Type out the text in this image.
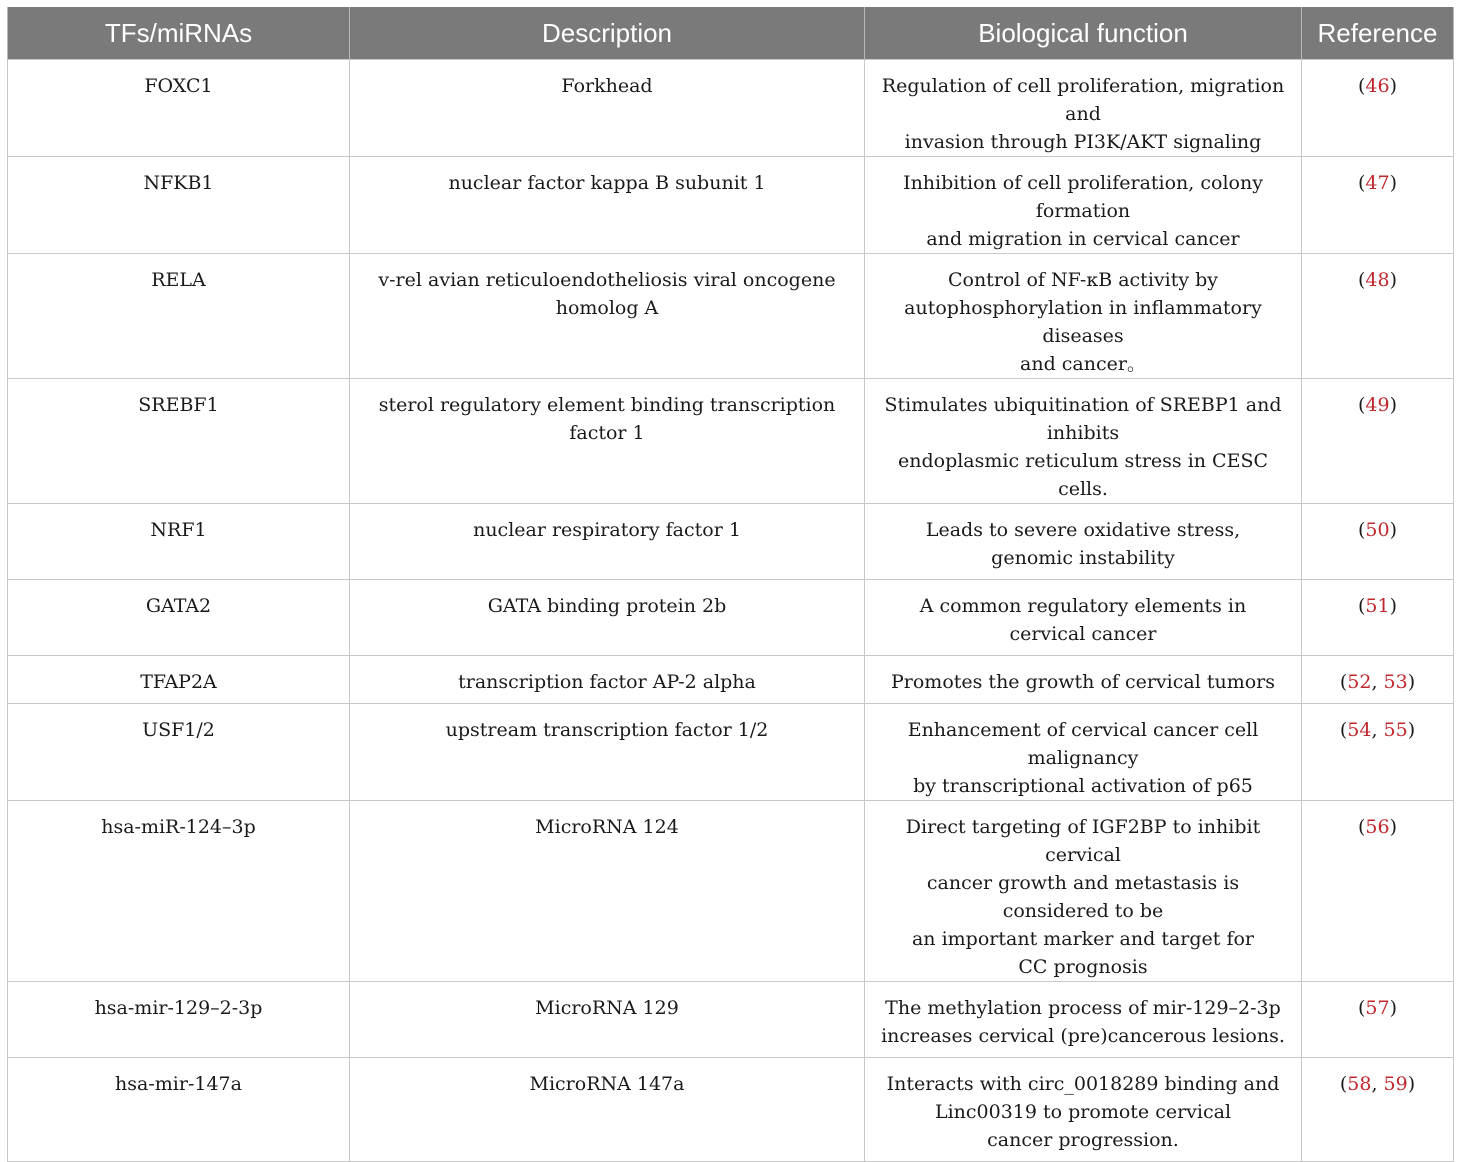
TFs/miRNAs	Description	Biological function	Reference
FOXC1	Forkhead	Regulation of cell proliferation, migration and
invasion through PI3K/AKT signaling	(46)
NFKB1	nuclear factor kappa B subunit 1	Inhibition of cell proliferation, colony formation
and migration in cervical cancer	(47)
RELA	v-rel avian reticuloendotheliosis viral oncogene homolog A	Control of NF-κB activity by
autophosphorylation in inflammatory diseases
and cancer。	(48)
SREBF1	sterol regulatory element binding transcription factor 1	Stimulates ubiquitination of SREBP1 and inhibits
endoplasmic reticulum stress in CESC cells.	(49)
NRF1	nuclear respiratory factor 1	Leads to severe oxidative stress,
genomic instability	(50)
GATA2	GATA binding protein 2b	A common regulatory elements in
cervical cancer	(51)
TFAP2A	transcription factor AP-2 alpha	Promotes the growth of cervical tumors	(52, 53)
USF1/2	upstream transcription factor 1/2	Enhancement of cervical cancer cell malignancy
by transcriptional activation of p65	(54, 55)
hsa-miR-124–3p	MicroRNA 124	Direct targeting of IGF2BP to inhibit cervical
cancer growth and metastasis is considered to be
an important marker and target for
CC prognosis	(56)
hsa-mir-129–2-3p	MicroRNA 129	The methylation process of mir-129–2-3p
increases cervical (pre)cancerous lesions.	(57)
hsa-mir-147a	MicroRNA 147a	Interacts with circ_0018289 binding and
Linc00319 to promote cervical
cancer progression.	(58, 59)
